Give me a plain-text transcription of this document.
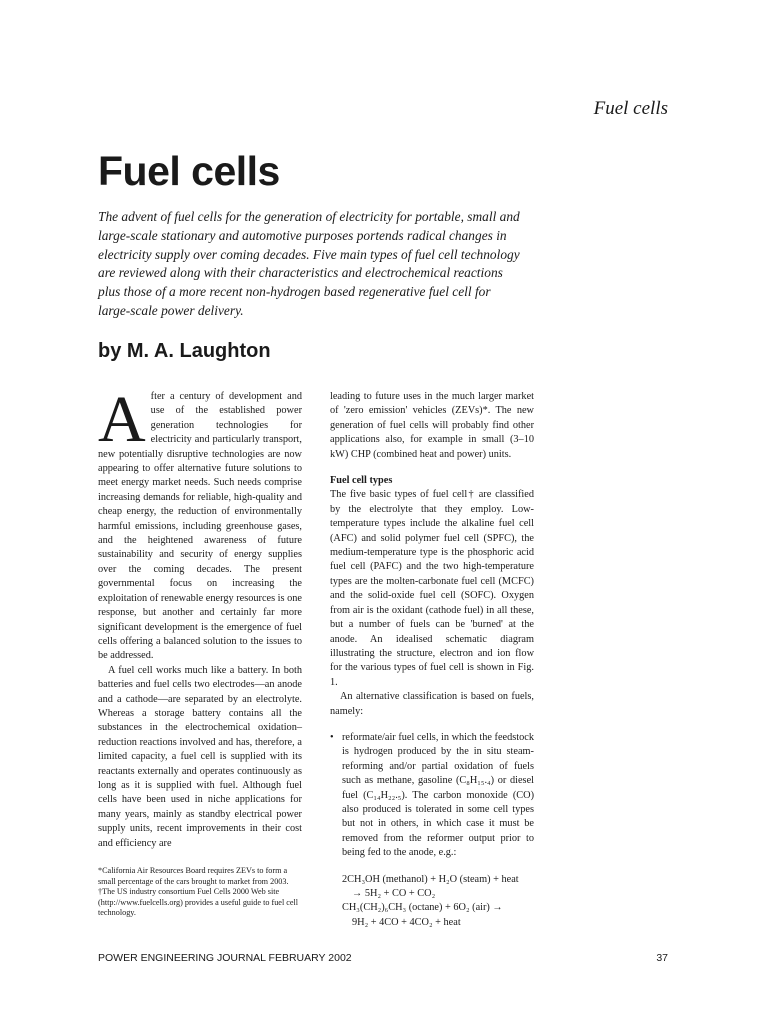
Fuel cells
Fuel cells

The advent of fuel cells for the generation of electricity for portable, small and large-scale stationary and automotive purposes portends radical changes in electricity supply over coming decades. Five main types of fuel cell technology are reviewed along with their characteristics and electrochemical reactions plus those of a more recent non-hydrogen based regenerative fuel cell for large-scale power delivery.

by M. A. Laughton

After a century of development and use of the established power generation technologies for electricity and particularly transport, new potentially disruptive technologies are now appearing to offer alternative future solutions to meet energy market needs. Such needs comprise increasing demands for reliable, high-quality and cheap energy, the reduction of environmentally harmful emissions, including greenhouse gases, and the heightened awareness of future sustainability and security of energy supplies over the coming decades. The present governmental focus on increasing the exploitation of renewable energy resources is one response, but another and certainly far more significant development is the emergence of fuel cells offering a balanced solution to the issues to be addressed.

A fuel cell works much like a battery. In both batteries and fuel cells two electrodes—an anode and a cathode—are separated by an electrolyte. Whereas a storage battery contains all the substances in the electrochemical oxidation–reduction reactions involved and has, therefore, a limited capacity, a fuel cell is supplied with its reactants externally and operates continuously as long as it is supplied with fuel. Although fuel cells have been used in niche applications for many years, mainly as standby electrical power supply units, recent improvements in their cost and efficiency are

*California Air Resources Board requires ZEVs to form a small percentage of the cars brought to market from 2003.

†The US industry consortium Fuel Cells 2000 Web site (http://www.fuelcells.org) provides a useful guide to fuel cell technology.

leading to future uses in the much larger market of 'zero emission' vehicles (ZEVs)*. The new generation of fuel cells will probably find other applications also, for example in small (3–10 kW) CHP (combined heat and power) units.

Fuel cell types

The five basic types of fuel cell† are classified by the electrolyte that they employ. Low-temperature types include the alkaline fuel cell (AFC) and solid polymer fuel cell (SPFC), the medium-temperature type is the phosphoric acid fuel cell (PAFC) and the two high-temperature types are the molten-carbonate fuel cell (MCFC) and the solid-oxide fuel cell (SOFC). Oxygen from air is the oxidant (cathode fuel) in all these, but a number of fuels can be 'burned' at the anode. An idealised schematic diagram illustrating the structure, electron and ion flow for the various types of fuel cell is shown in Fig. 1.

An alternative classification is based on fuels, namely:

• reformate/air fuel cells, in which the feedstock is hydrogen produced by the in situ steam-reforming and/or partial oxidation of fuels such as methane, gasoline (C₈H₁₅.₄) or diesel fuel (C₁₄H₂₂.₅). The carbon monoxide (CO) also produced is tolerated in some cell types but not in others, in which case it must be removed from the reformer output prior to being fed to the anode, e.g.:

2CH₃OH (methanol) + H₂O (steam) + heat
→ 5H₂ + CO + CO₂
CH₃(CH₂)₆CH₃ (octane) + 6O₂ (air) →
9H₂ + 4CO + 4CO₂ + heat
POWER ENGINEERING JOURNAL FEBRUARY 2002	37
